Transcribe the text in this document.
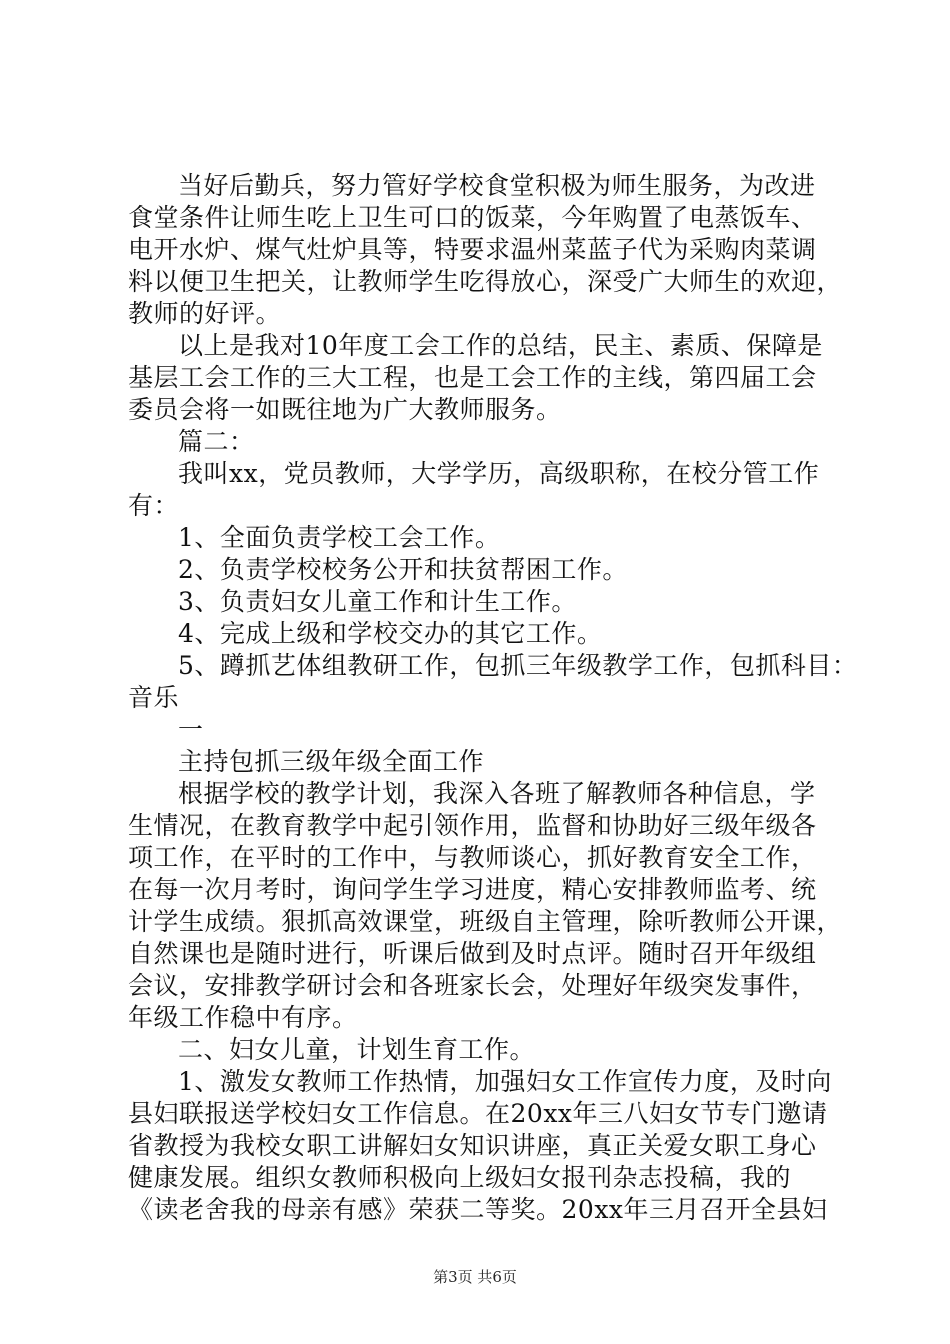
当好后勤兵，努力管好学校食堂积极为师生服务，为改进
食堂条件让师生吃上卫生可口的饭菜，今年购置了电蒸饭车、
电开水炉、煤气灶炉具等，特要求温州菜蓝子代为采购肉菜调
料以便卫生把关，让教师学生吃得放心，深受广大师生的欢迎，
教师的好评。
以上是我对10年度工会工作的总结，民主、素质、保障是
基层工会工作的三大工程，也是工会工作的主线，第四届工会
委员会将一如既往地为广大教师服务。
篇二：
我叫xx，党员教师，大学学历，高级职称，在校分管工作
有：
1、全面负责学校工会工作。
2、负责学校校务公开和扶贫帮困工作。
3、负责妇女儿童工作和计生工作。
4、完成上级和学校交办的其它工作。
5、蹲抓艺体组教研工作，包抓三年级教学工作，包抓科目：
音乐
一
主持包抓三级年级全面工作
根据学校的教学计划，我深入各班了解教师各种信息，学
生情况，在教育教学中起引领作用，监督和协助好三级年级各
项工作，在平时的工作中，与教师谈心，抓好教育安全工作，
在每一次月考时，询问学生学习进度，精心安排教师监考、统
计学生成绩。狠抓高效课堂，班级自主管理，除听教师公开课，
自然课也是随时进行，听课后做到及时点评。随时召开年级组
会议，安排教学研讨会和各班家长会，处理好年级突发事件，
年级工作稳中有序。
二、妇女儿童，计划生育工作。
1、激发女教师工作热情，加强妇女工作宣传力度，及时向
县妇联报送学校妇女工作信息。在20xx年三八妇女节专门邀请
省教授为我校女职工讲解妇女知识讲座，真正关爱女职工身心
健康发展。组织女教师积极向上级妇女报刊杂志投稿，我的
《读老舍我的母亲有感》荣获二等奖。20xx年三月召开全县妇
第3页 共6页
